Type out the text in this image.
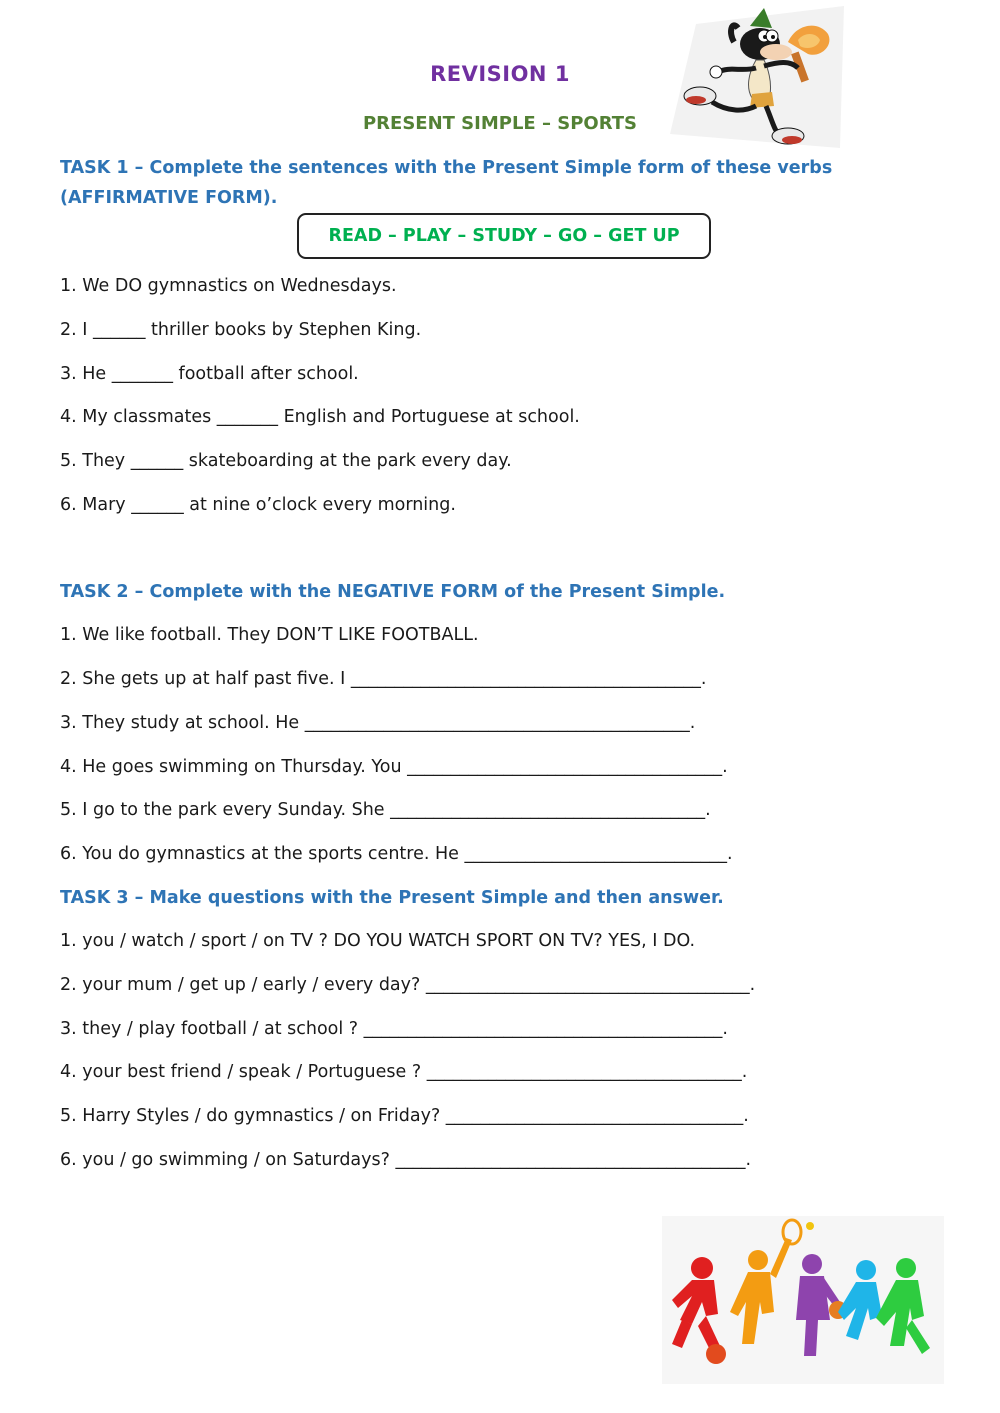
REVISION 1
PRESENT SIMPLE – SPORTS
TASK 1 – Complete the sentences with the Present Simple form of these verbs
(AFFIRMATIVE FORM).
READ – PLAY – STUDY – GO – GET UP
1. We DO gymnastics on Wednesdays.
2. I ______ thriller books by Stephen King.
3. He _______ football after school.
4. My classmates _______ English and Portuguese at school.
5. They ______ skateboarding at the park every day.
6. Mary ______ at nine o’clock every morning.
TASK 2 – Complete with the NEGATIVE FORM of the Present Simple.
1. We like football. They DON’T LIKE FOOTBALL.
2. She gets up at half past five. I ________________________________________.
3. They study at school. He ____________________________________________.
4. He goes swimming on Thursday. You ____________________________________.
5. I go to the park every Sunday. She ____________________________________.
6. You do gymnastics at the sports centre. He ______________________________.
TASK 3 – Make questions with the Present Simple and then answer.
1. you / watch / sport / on TV ? DO YOU WATCH SPORT ON TV? YES, I DO.
2. your mum / get up / early / every day? _____________________________________.
3. they / play football / at school ? _________________________________________.
4. your best friend / speak / Portuguese ? ____________________________________.
5. Harry Styles / do gymnastics / on Friday? __________________________________.
6. you / go swimming / on Saturdays? ________________________________________.
